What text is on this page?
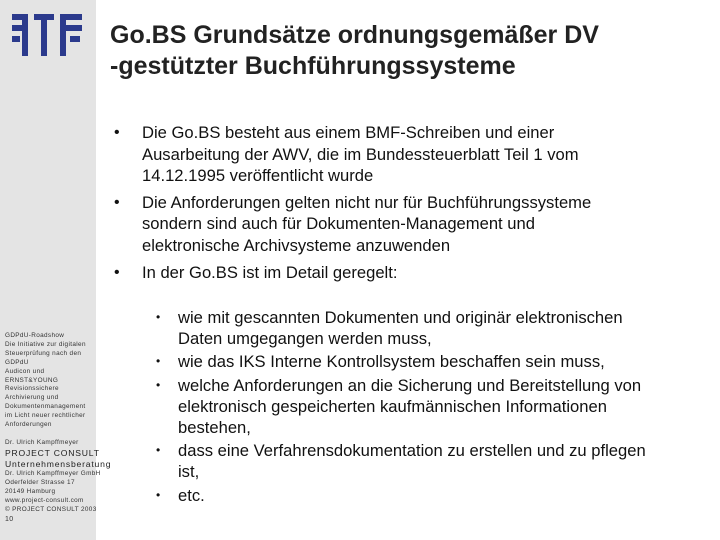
GDPdU-Roadshow
Die Initiative zur digitalen
Steuerprüfung nach den
GDPdU
Audicon und
ERNST&YOUNG
Revisionssichere
Archivierung und
Dokumentenmanagement
im Licht neuer rechtlicher
Anforderungen
Dr. Ulrich Kampffmeyer
PROJECT CONSULT
Unternehmensberatung
Dr. Ulrich Kampffmeyer GmbH
Oderfelder Strasse 17
20149 Hamburg
www.project-consult.com
© PROJECT CONSULT 2003
10
Go.BS Grundsätze ordnungsgemäßer DV
-gestützter Buchführungssysteme
• Die Go.BS besteht aus einem BMF-Schreiben und einer
Ausarbeitung der AWV, die im Bundessteuerblatt Teil 1 vom
14.12.1995 veröffentlicht wurde
• Die Anforderungen gelten nicht nur für Buchführungssysteme
sondern sind auch für Dokumenten-Management und
elektronische Archivsysteme anzuwenden
• In der Go.BS ist im Detail geregelt:
• wie mit gescannten Dokumenten und originär elektronischen
Daten umgegangen werden muss,
• wie das IKS Interne Kontrollsystem beschaffen sein muss,
• welche Anforderungen an die Sicherung und Bereitstellung von
elektronisch gespeicherten kaufmännischen Informationen
bestehen,
• dass eine Verfahrensdokumentation zu erstellen und zu pflegen
ist,
• etc.
